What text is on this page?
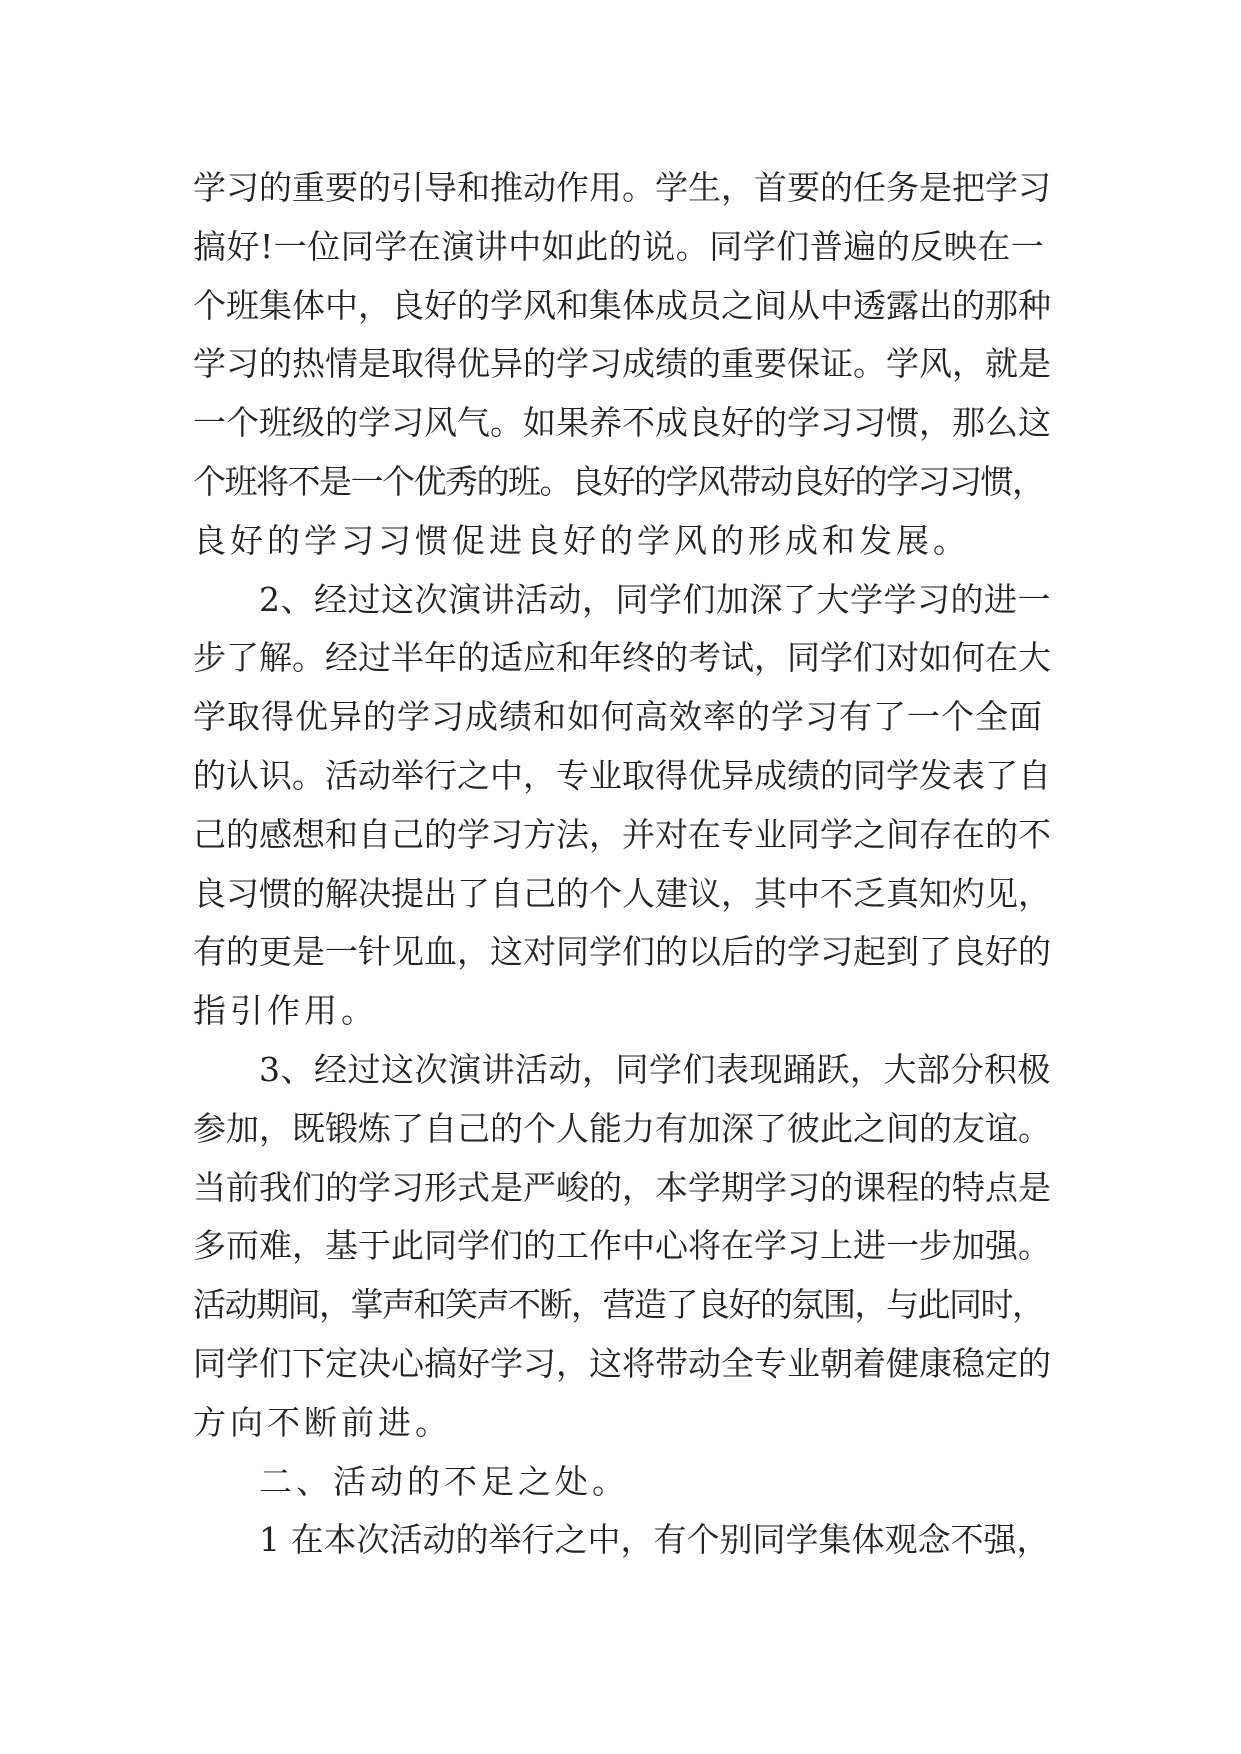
学习的重要的引导和推动作用。学生，首要的任务是把学习
搞好!一位同学在演讲中如此的说。同学们普遍的反映在一
个班集体中，良好的学风和集体成员之间从中透露出的那种
学习的热情是取得优异的学习成绩的重要保证。学风，就是
一个班级的学习风气。如果养不成良好的学习习惯，那么这
个班将不是一个优秀的班。良好的学风带动良好的学习习惯，
良好的学习习惯促进良好的学风的形成和发展。
2、经过这次演讲活动，同学们加深了大学学习的进一
步了解。经过半年的适应和年终的考试，同学们对如何在大
学取得优异的学习成绩和如何高效率的学习有了一个全面
的认识。活动举行之中，专业取得优异成绩的同学发表了自
己的感想和自己的学习方法，并对在专业同学之间存在的不
良习惯的解决提出了自己的个人建议，其中不乏真知灼见，
有的更是一针见血，这对同学们的以后的学习起到了良好的
指引作用。
3、经过这次演讲活动，同学们表现踊跃，大部分积极
参加，既锻炼了自己的个人能力有加深了彼此之间的友谊。
当前我们的学习形式是严峻的，本学期学习的课程的特点是
多而难，基于此同学们的工作中心将在学习上进一步加强。
活动期间，掌声和笑声不断，营造了良好的氛围，与此同时，
同学们下定决心搞好学习，这将带动全专业朝着健康稳定的
方向不断前进。
二、活动的不足之处。
1 在本次活动的举行之中，有个别同学集体观念不强，
